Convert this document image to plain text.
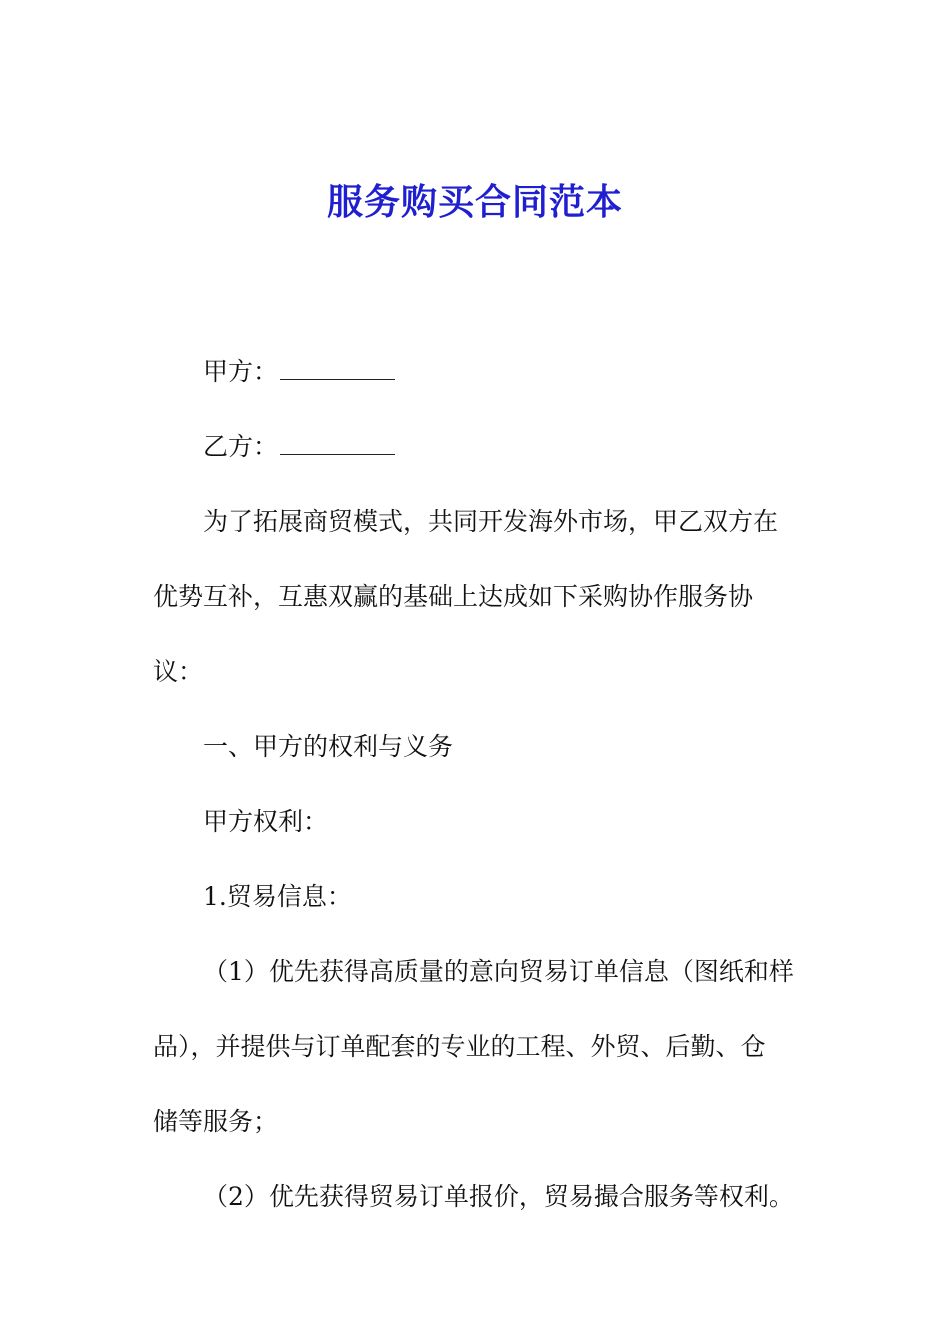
服务购买合同范本

甲方：

乙方：

为了拓展商贸模式，共同开发海外市场，甲乙双方在

优势互补，互惠双赢的基础上达成如下采购协作服务协

议：

一、甲方的权利与义务

甲方权利：

1.贸易信息：

（1）优先获得高质量的意向贸易订单信息（图纸和样

品），并提供与订单配套的专业的工程、外贸、后勤、仓

储等服务；

（2）优先获得贸易订单报价，贸易撮合服务等权利。
